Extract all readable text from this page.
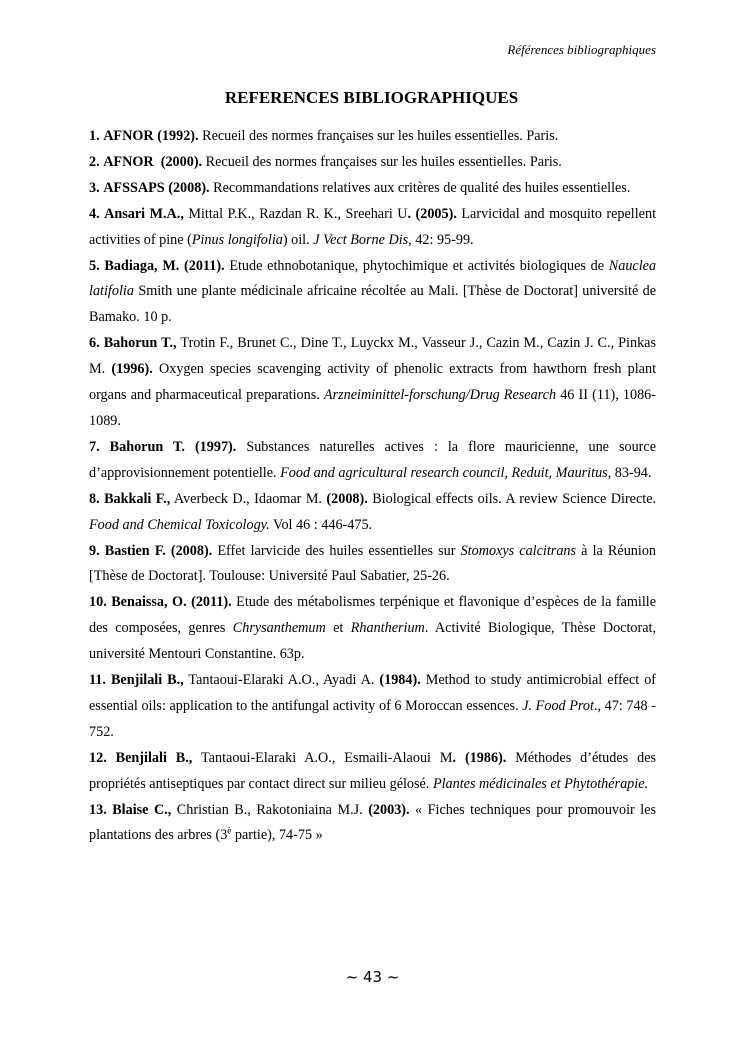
Références bibliographiques
REFERENCES BIBLIOGRAPHIQUES

1. AFNOR (1992). Recueil des normes françaises sur les huiles essentielles. Paris.

2. AFNOR (2000). Recueil des normes françaises sur les huiles essentielles. Paris.

3. AFSSAPS (2008). Recommandations relatives aux critères de qualité des huiles essentielles.

4. Ansari M.A., Mittal P.K., Razdan R. K., Sreehari U. (2005). Larvicidal and mosquito repellent activities of pine (Pinus longifolia) oil. J Vect Borne Dis, 42: 95-99.

5. Badiaga, M. (2011). Etude ethnobotanique, phytochimique et activités biologiques de Nauclea latifolia Smith une plante médicinale africaine récoltée au Mali. [Thèse de Doctorat] université de Bamako. 10 p.

6. Bahorun T., Trotin F., Brunet C., Dine T., Luyckx M., Vasseur J., Cazin M., Cazin J. C., Pinkas M. (1996). Oxygen species scavenging activity of phenolic extracts from hawthorn fresh plant organs and pharmaceutical preparations. Arzneiminittel-forschung/Drug Research 46 II (11), 1086-1089.

7. Bahorun T. (1997). Substances naturelles actives : la flore mauricienne, une source d’approvisionnement potentielle. Food and agricultural research council, Reduit, Mauritus, 83-94.

8. Bakkali F., Averbeck D., Idaomar M. (2008). Biological effects oils. A review Science Directe. Food and Chemical Toxicology. Vol 46 : 446-475.

9. Bastien F. (2008). Effet larvicide des huiles essentielles sur Stomoxys calcitrans à la Réunion [Thèse de Doctorat]. Toulouse: Université Paul Sabatier, 25-26.

10. Benaissa, O. (2011). Etude des métabolismes terpénique et flavonique d’espèces de la famille des composées, genres Chrysanthemum et Rhantherium. Activité Biologique, Thèse Doctorat, université Mentouri Constantine. 63p.

11. Benjilali B., Tantaoui-Elaraki A.O., Ayadi A. (1984). Method to study antimicrobial effect of essential oils: application to the antifungal activity of 6 Moroccan essences. J. Food Prot., 47: 748 - 752.

12. Benjilali B., Tantaoui-Elaraki A.O., Esmaili-Alaoui M. (1986). Méthodes d’études des propriétés antiseptiques par contact direct sur milieu gélosé. Plantes médicinales et Phytothérapie.

13. Blaise C., Christian B., Rakotoniaina M.J. (2003). « Fiches techniques pour promouvoir les plantations des arbres ($3^è$ partie), 74-75 »

~ 43 ~
